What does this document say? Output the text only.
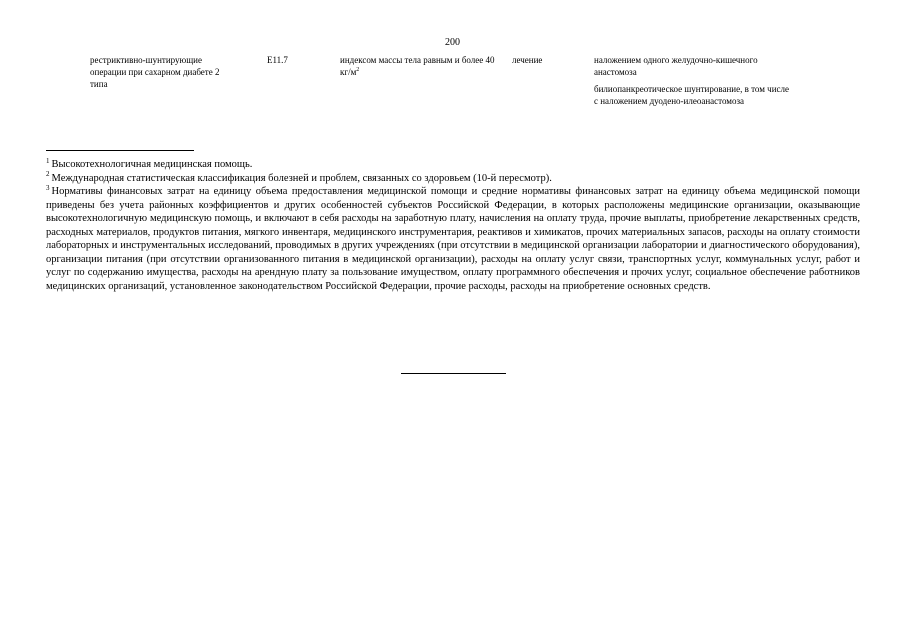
200
рестриктивно-шунтирующие операции при сахарном диабете 2 типа
E11.7	индексом массы тела равным и более 40 $кг/м^2$
лечение	наложением одного желудочно-кишечного анастомоза
билиопанкреотическое шунтирование, в том числе с наложением дуодено-илеоанастомоза

$^1$ Высокотехнологичная медицинская помощь.

$^2$ Международная статистическая классификация болезней и проблем, связанных со здоровьем (10-й пересмотр).

$^3$ Нормативы финансовых затрат на единицу объема предоставления медицинской помощи и средние нормативы финансовых затрат на единицу объема медицинской помощи приведены без учета районных коэффициентов и других особенностей субъектов Российской Федерации, в которых расположены медицинские организации, оказывающие высокотехнологичную медицинскую помощь, и включают в себя расходы на заработную плату, начисления на оплату труда, прочие выплаты, приобретение лекарственных средств, расходных материалов, продуктов питания, мягкого инвентаря, медицинского инструментария, реактивов и химикатов, прочих материальных запасов, расходы на оплату стоимости лабораторных и инструментальных исследований, проводимых в других учреждениях (при отсутствии в медицинской организации лаборатории и диагностического оборудования), организации питания (при отсутствии организованного питания в медицинской организации), расходы на оплату услуг связи, транспортных услуг, коммунальных услуг, работ и услуг по содержанию имущества, расходы на арендную плату за пользование имуществом, оплату программного обеспечения и прочих услуг, социальное обеспечение работников медицинских организаций, установленное законодательством Российской Федерации, прочие расходы, расходы на приобретение основных средств.
